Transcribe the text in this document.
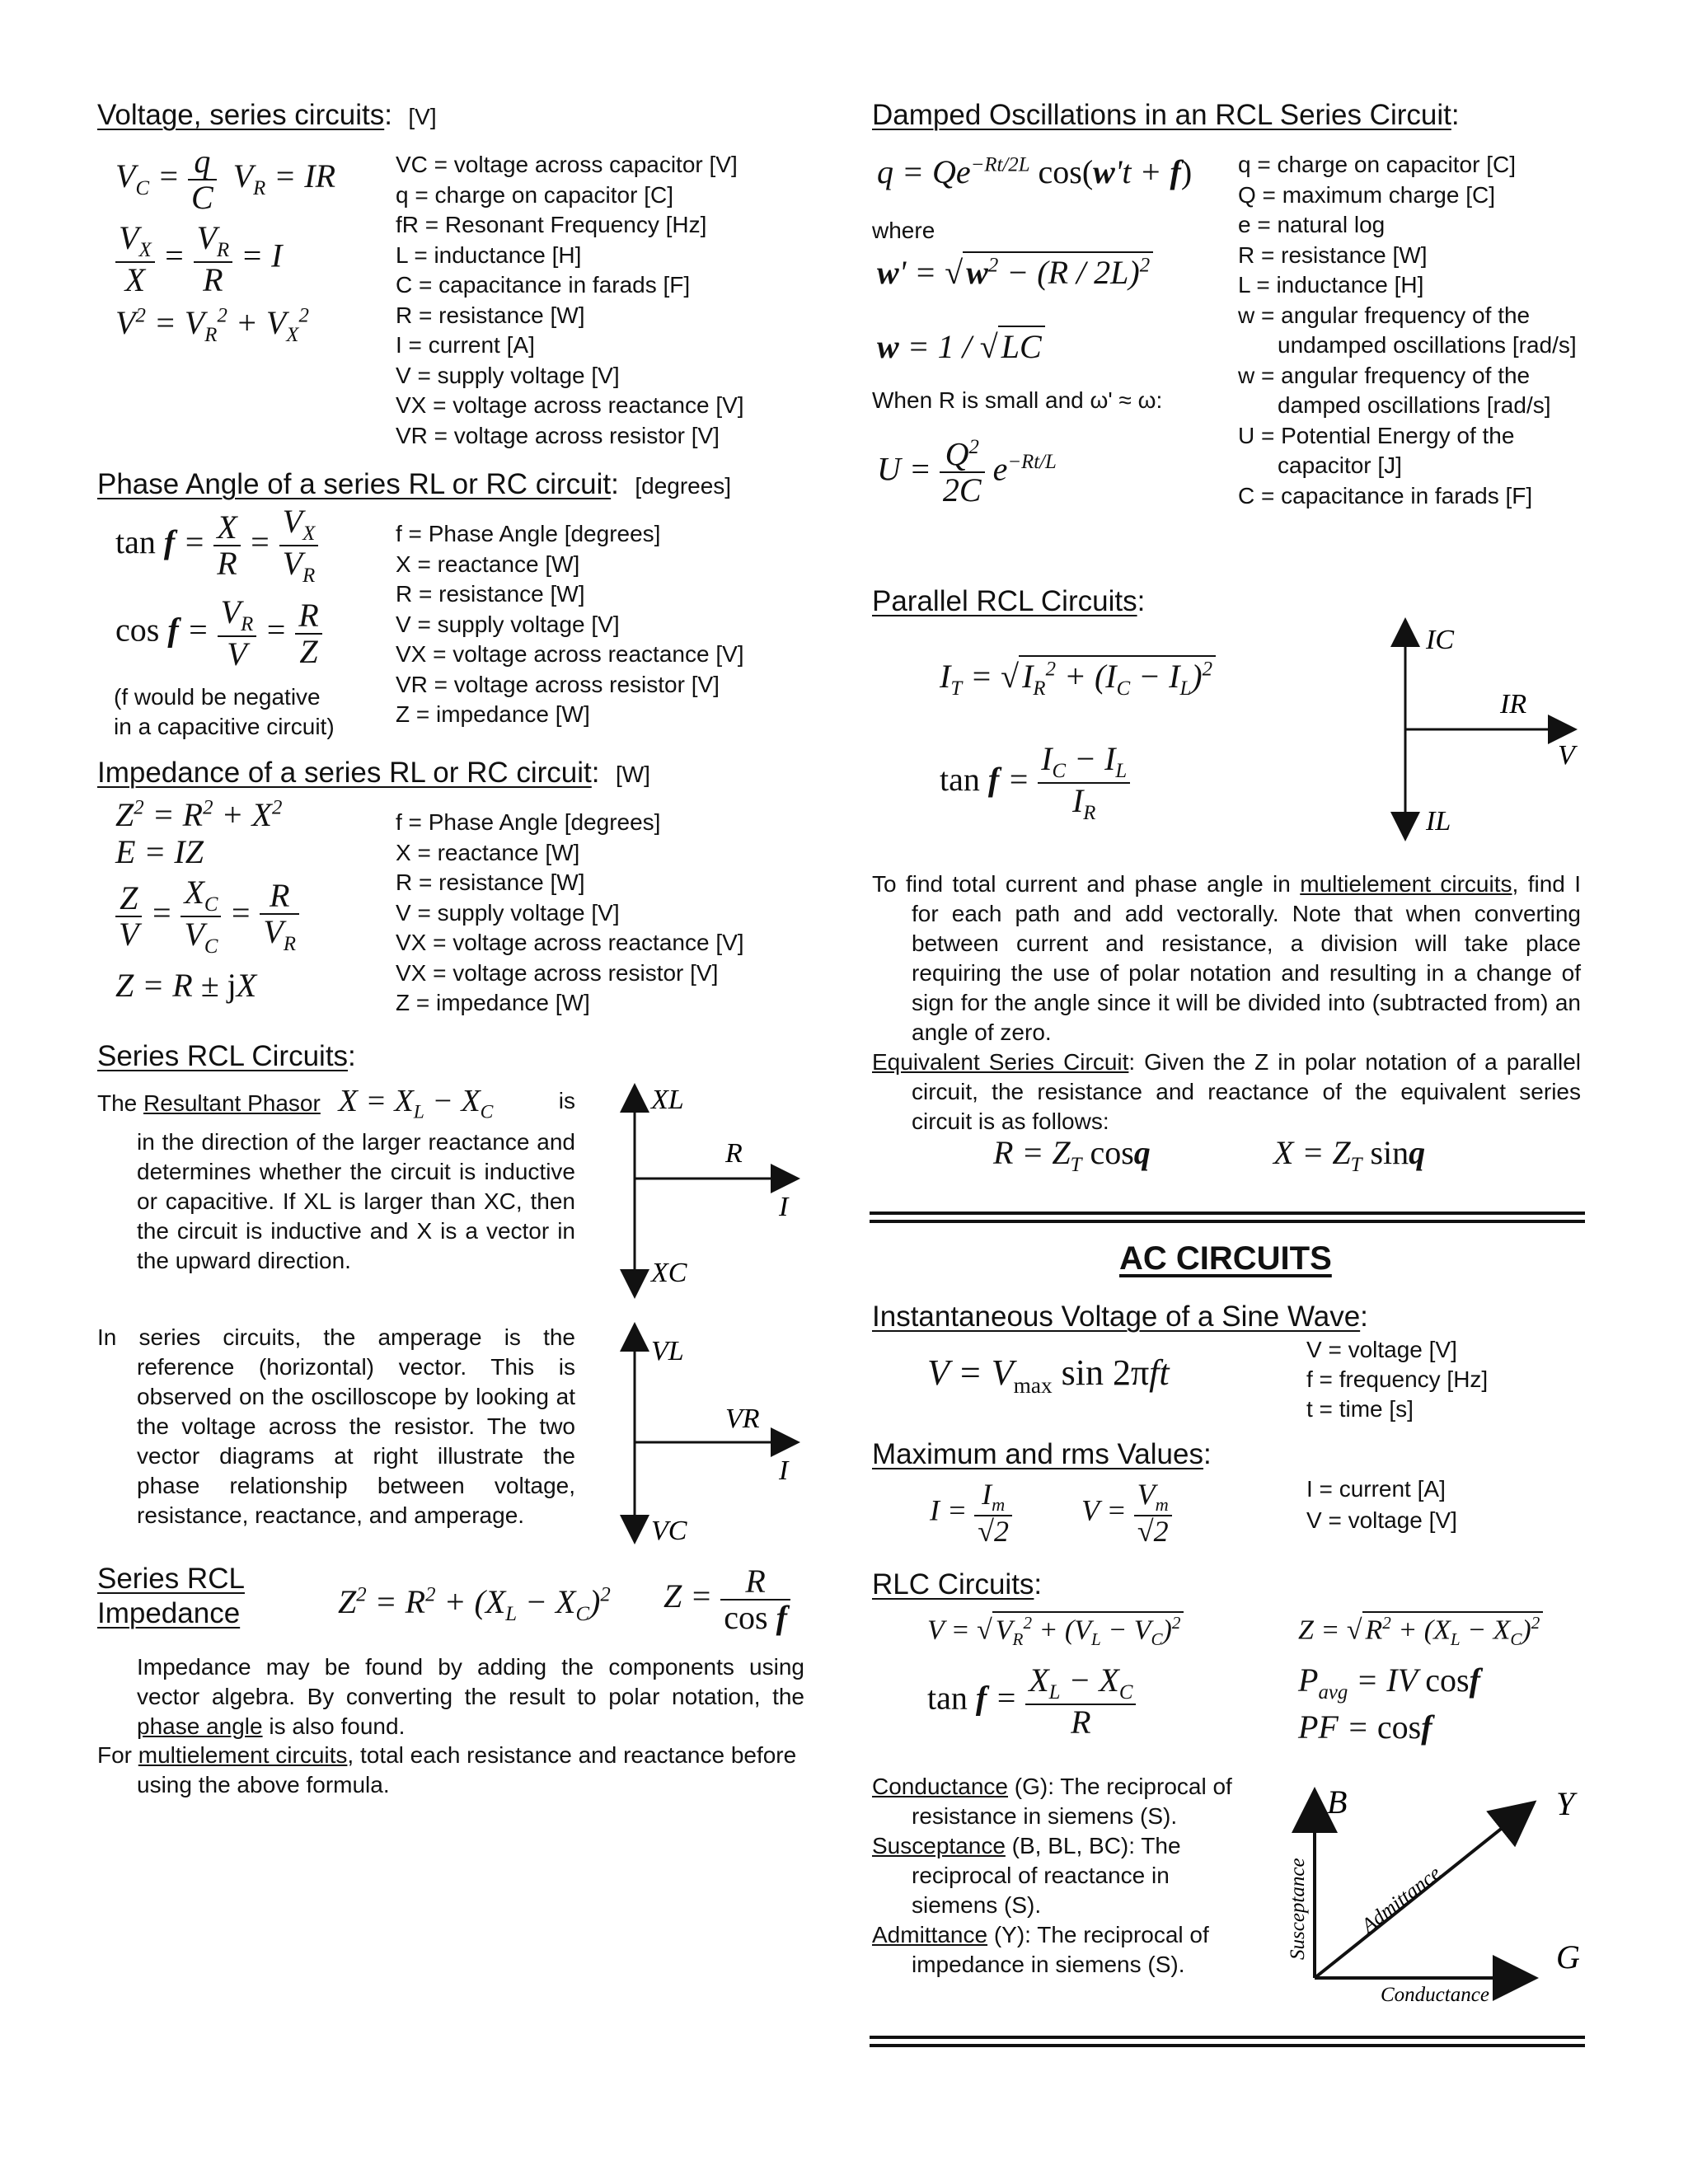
Voltage, series circuits:  [V]
$V_C = \frac{q}{C} V_R$ = IR
$\frac{V_X}{X} = \frac{V_R}{R} = I$
$V^2 = V_R^2 + V_X^2$
VC = voltage across capacitor [V]
q = charge on capacitor [C]
fR = Resonant Frequency [Hz]
L = inductance [H]
C = capacitance in farads [F]
R = resistance [W]
I = current [A]
V = supply voltage [V]
VX = voltage across reactance [V]
VR = voltage across resistor [V]
Phase Angle of a series RL or RC circuit:  [degrees]
$\tan f = \frac{X}{R} = \frac{V_X}{V_R}$
$\cos f = \frac{V_R}{V} = \frac{R}{Z}$
(f would be negative
in a capacitive circuit)
f = Phase Angle [degrees]
X = reactance [W]
R = resistance [W]
V = supply voltage [V]
VX = voltage across reactance [V]
VR = voltage across resistor [V]
Z = impedance [W]
Impedance of a series RL or RC circuit:  [W]
$Z^2 = R^2 + X^2$
E = IZ
$\frac{Z}{V} = \frac{X_C}{V_C} = \frac{R}{V_R}$
Z = R ± jX
f = Phase Angle [degrees]
X = reactance [W]
R = resistance [W]
V = supply voltage [V]
VX = voltage across reactance [V]
VX = voltage across resistor [V]
Z = impedance [W]
Series RCL Circuits:
The Resultant Phasor $X = X_L - X_C$	is
in the direction of the larger reactance and determines whether the circuit is inductive or capacitive. If XL is larger than XC, then the circuit is inductive and X is a vector in the upward direction.

In series circuits, the amperage is the reference (horizontal) vector. This is observed on the oscilloscope by looking at the voltage across the resistor. The two vector diagrams at right illustrate the phase relationship between voltage, resistance, reactance, and amperage.

XL
R
I
XC
VL
VR
I
VC
Series RCL
Impedance	$Z^2 = R^2 + (X_L - X_C)^2$ $Z = \frac{R}{\text{cos f}}$
Impedance may be found by adding the components using vector algebra. By converting the result to polar notation, the phase angle is also found.

For multielement circuits, total each resistance and reactance before using the above formula.

Damped Oscillations in an RCL Series Circuit:
$q = Qe^{-Rt/2L}$ cos(w't + f)
where
w' = √ $w^2 - (R / 2L)^2$
w = 1 / √ LC
When R is small and ω' ≈ ω:
$U = \frac{Q^2}{2C} e^{-Rt/L}$

q = charge on capacitor [C]

Q = maximum charge [C]

e = natural log

R = resistance [W]

L = inductance [H]

w = angular frequency of the undamped oscillations [rad/s]

w = angular frequency of the damped oscillations [rad/s]

U = Potential Energy of the capacitor [J]

C = capacitance in farads [F]

Parallel RCL Circuits:
$I_T$ = √ $I_R^2 + (I_C - I_L)^2$
$\tan f = \frac{I_C - I_L}{I_R}$
IC
IR
V
IL

To find total current and phase angle in multielement circuits, find I for each path and add vectorally. Note that when converting between current and resistance, a division will take place requiring the use of polar notation and resulting in a change of sign for the angle since it will be divided into (subtracted from) an angle of zero.

Equivalent Series Circuit: Given the Z in polar notation of a parallel circuit, the resistance and reactance of the equivalent series circuit is as follows:

$R = Z_T$ cosq	$X = Z_T$ sinq
AC CIRCUITS
Instantaneous Voltage of a Sine Wave:
$V = V_{max}$ sin 2πft
V = voltage [V]
f = frequency [Hz]
t = time [s]
Maximum and rms Values:
$I = \frac{I_m}{√2}$ $V = \frac{V_m}{√2}$	I = current [A]
V = voltage [V]
RLC Circuits:
V = √ $V_R^2 + (V_L - V_C)^2$
$\tan f = \frac{X_L - X_C}{R}$
Z = √ $R^2 + (X_L - X_C)^2$
$P_{avg}$ = IV cosf
PF = cosf

Conductance (G): The reciprocal of resistance in siemens (S).

Susceptance (B, BL, BC): The reciprocal of reactance in siemens (S).

Admittance (Y): The reciprocal of impedance in siemens (S).

B	Y
G
Susceptance Admittance
Conductance
